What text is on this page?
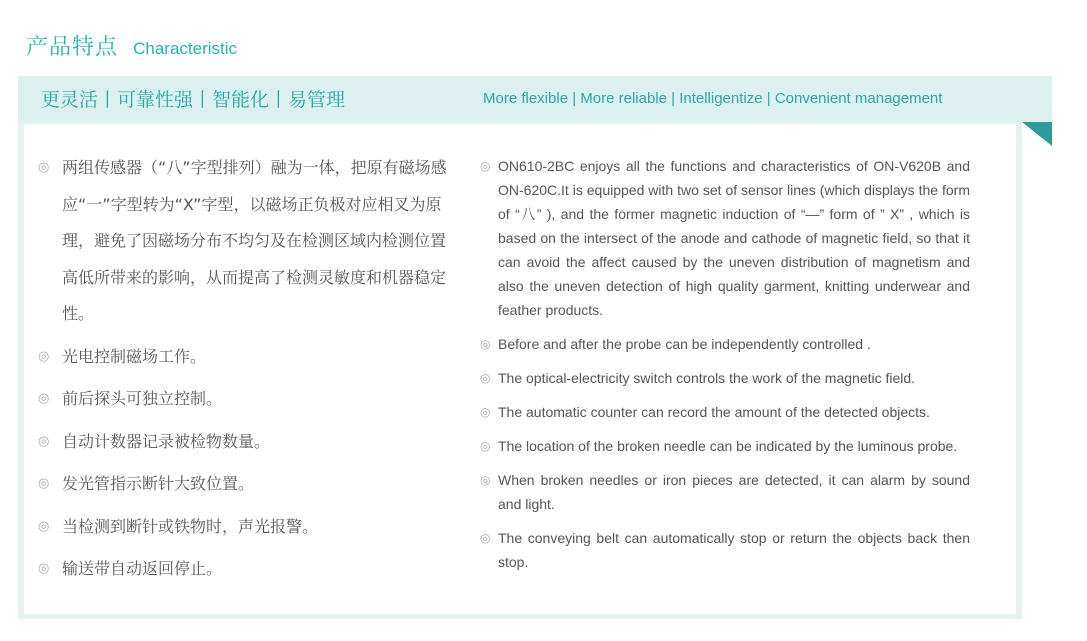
产品特点 Characteristic
更灵活丨可靠性强丨智能化丨易管理	More flexible | More reliable | Intelligentize | Convenient management
◎ 两组传感器（“八”字型排列）融为一体，把原有磁场感应“一”字型转为“X”字型，以磁场正负极对应相叉为原理，避免了因磁场分布不均匀及在检测区域内检测位置高低所带来的影响，从而提高了检测灵敏度和机器稳定性。
◎ 光电控制磁场工作。
◎ 前后探头可独立控制。
◎ 自动计数器记录被检物数量。
◎ 发光管指示断针大致位置。
◎ 当检测到断针或铁物时，声光报警。
◎ 输送带自动返回停止。
◎ ON610-2BC enjoys all the functions and characteristics of ON-V620B and ON-620C.It is equipped with two set of sensor lines (which displays the form of “八” ), and the former magnetic induction of “—” form of ” X” , which is based on the intersect of the anode and cathode of magnetic field, so that it can avoid the affect caused by the uneven distribution of magnetism and also the uneven detection of high quality garment, knitting underwear and feather products.
◎ Before and after the probe can be independently controlled .
◎ The optical-electricity switch controls the work of the magnetic field.
◎ The automatic counter can record the amount of the detected objects.
◎ The location of the broken needle can be indicated by the luminous probe.
◎ When broken needles or iron pieces are detected, it can alarm by sound and light.
◎ The conveying belt can automatically stop or return the objects back then stop.
